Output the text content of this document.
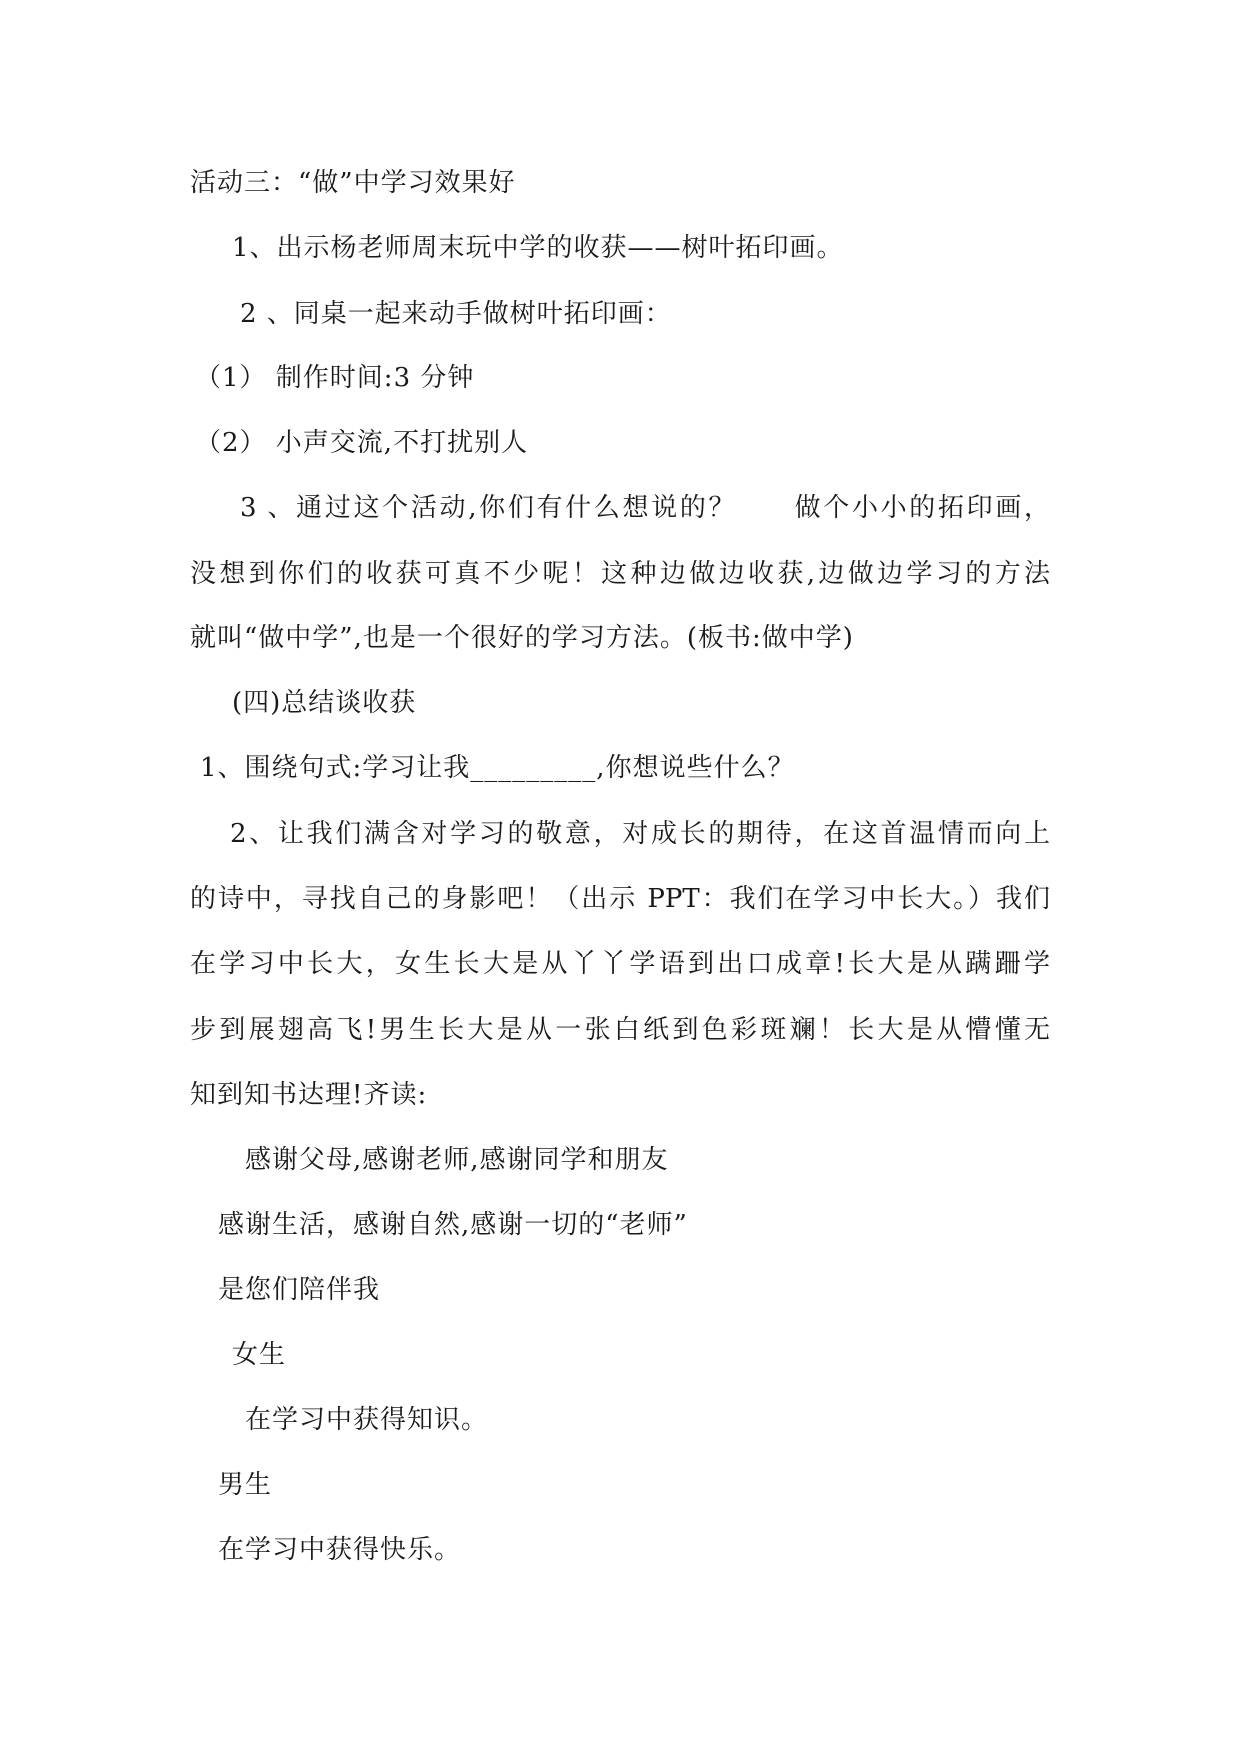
活动三：“做”中学习效果好
1、出示杨老师周末玩中学的收获——树叶拓印画。
2 、同桌一起来动手做树叶拓印画：
（1） 制作时间:3 分钟
（2） 小声交流,不打扰别人
3 、通过这个活动,你们有什么想说的？　　做个小小的拓印画，
没想到你们的收获可真不少呢！这种边做边收获,边做边学习的方法
就叫“做中学”,也是一个很好的学习方法。(板书:做中学)
(四)总结谈收获
1、围绕句式:学习让我_________,你想说些什么？
2、让我们满含对学习的敬意，对成长的期待，在这首温情而向上
的诗中，寻找自己的身影吧！（出示 PPT：我们在学习中长大。）我们
在学习中长大，女生长大是从丫丫学语到出口成章!长大是从蹒跚学
步到展翅高飞!男生长大是从一张白纸到色彩斑斓！长大是从懵懂无
知到知书达理!齐读:
感谢父母,感谢老师,感谢同学和朋友
感谢生活，感谢自然,感谢一切的“老师”
是您们陪伴我
女生
在学习中获得知识。
男生
在学习中获得快乐。
